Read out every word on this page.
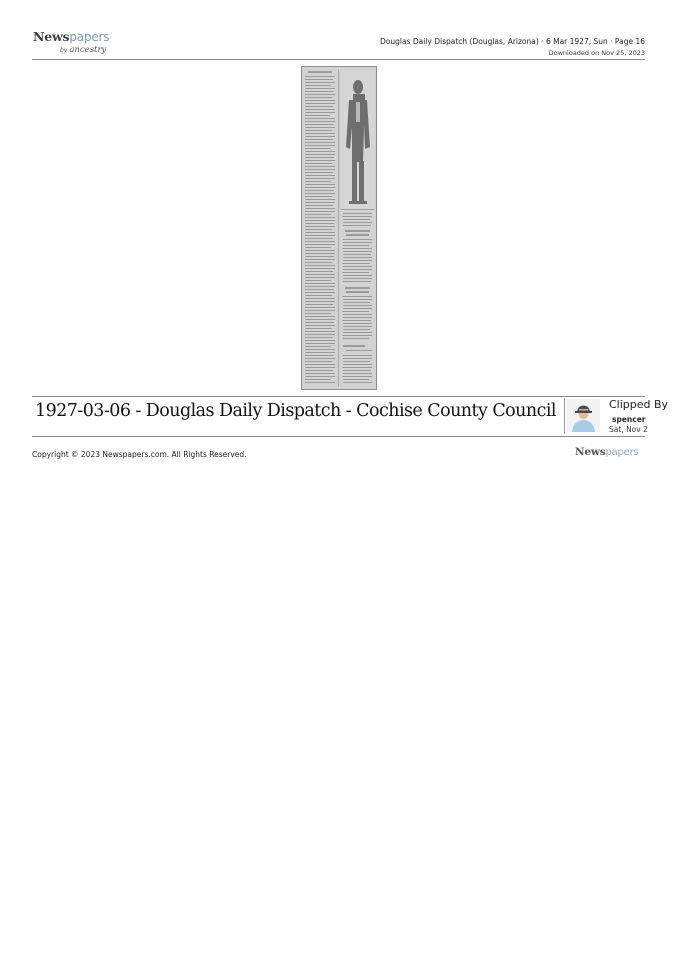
Newspapers
by ancestry
Douglas Daily Dispatch (Douglas, Arizona) · 6 Mar 1927, Sun · Page 16
Downloaded on Nov 25, 2023
1927-03-06 - Douglas Daily Dispatch - Cochise County Council	Clipped By
spencer
Sat, Nov 2
Copyright © 2023 Newspapers.com. All Rights Reserved.	Newspapers
